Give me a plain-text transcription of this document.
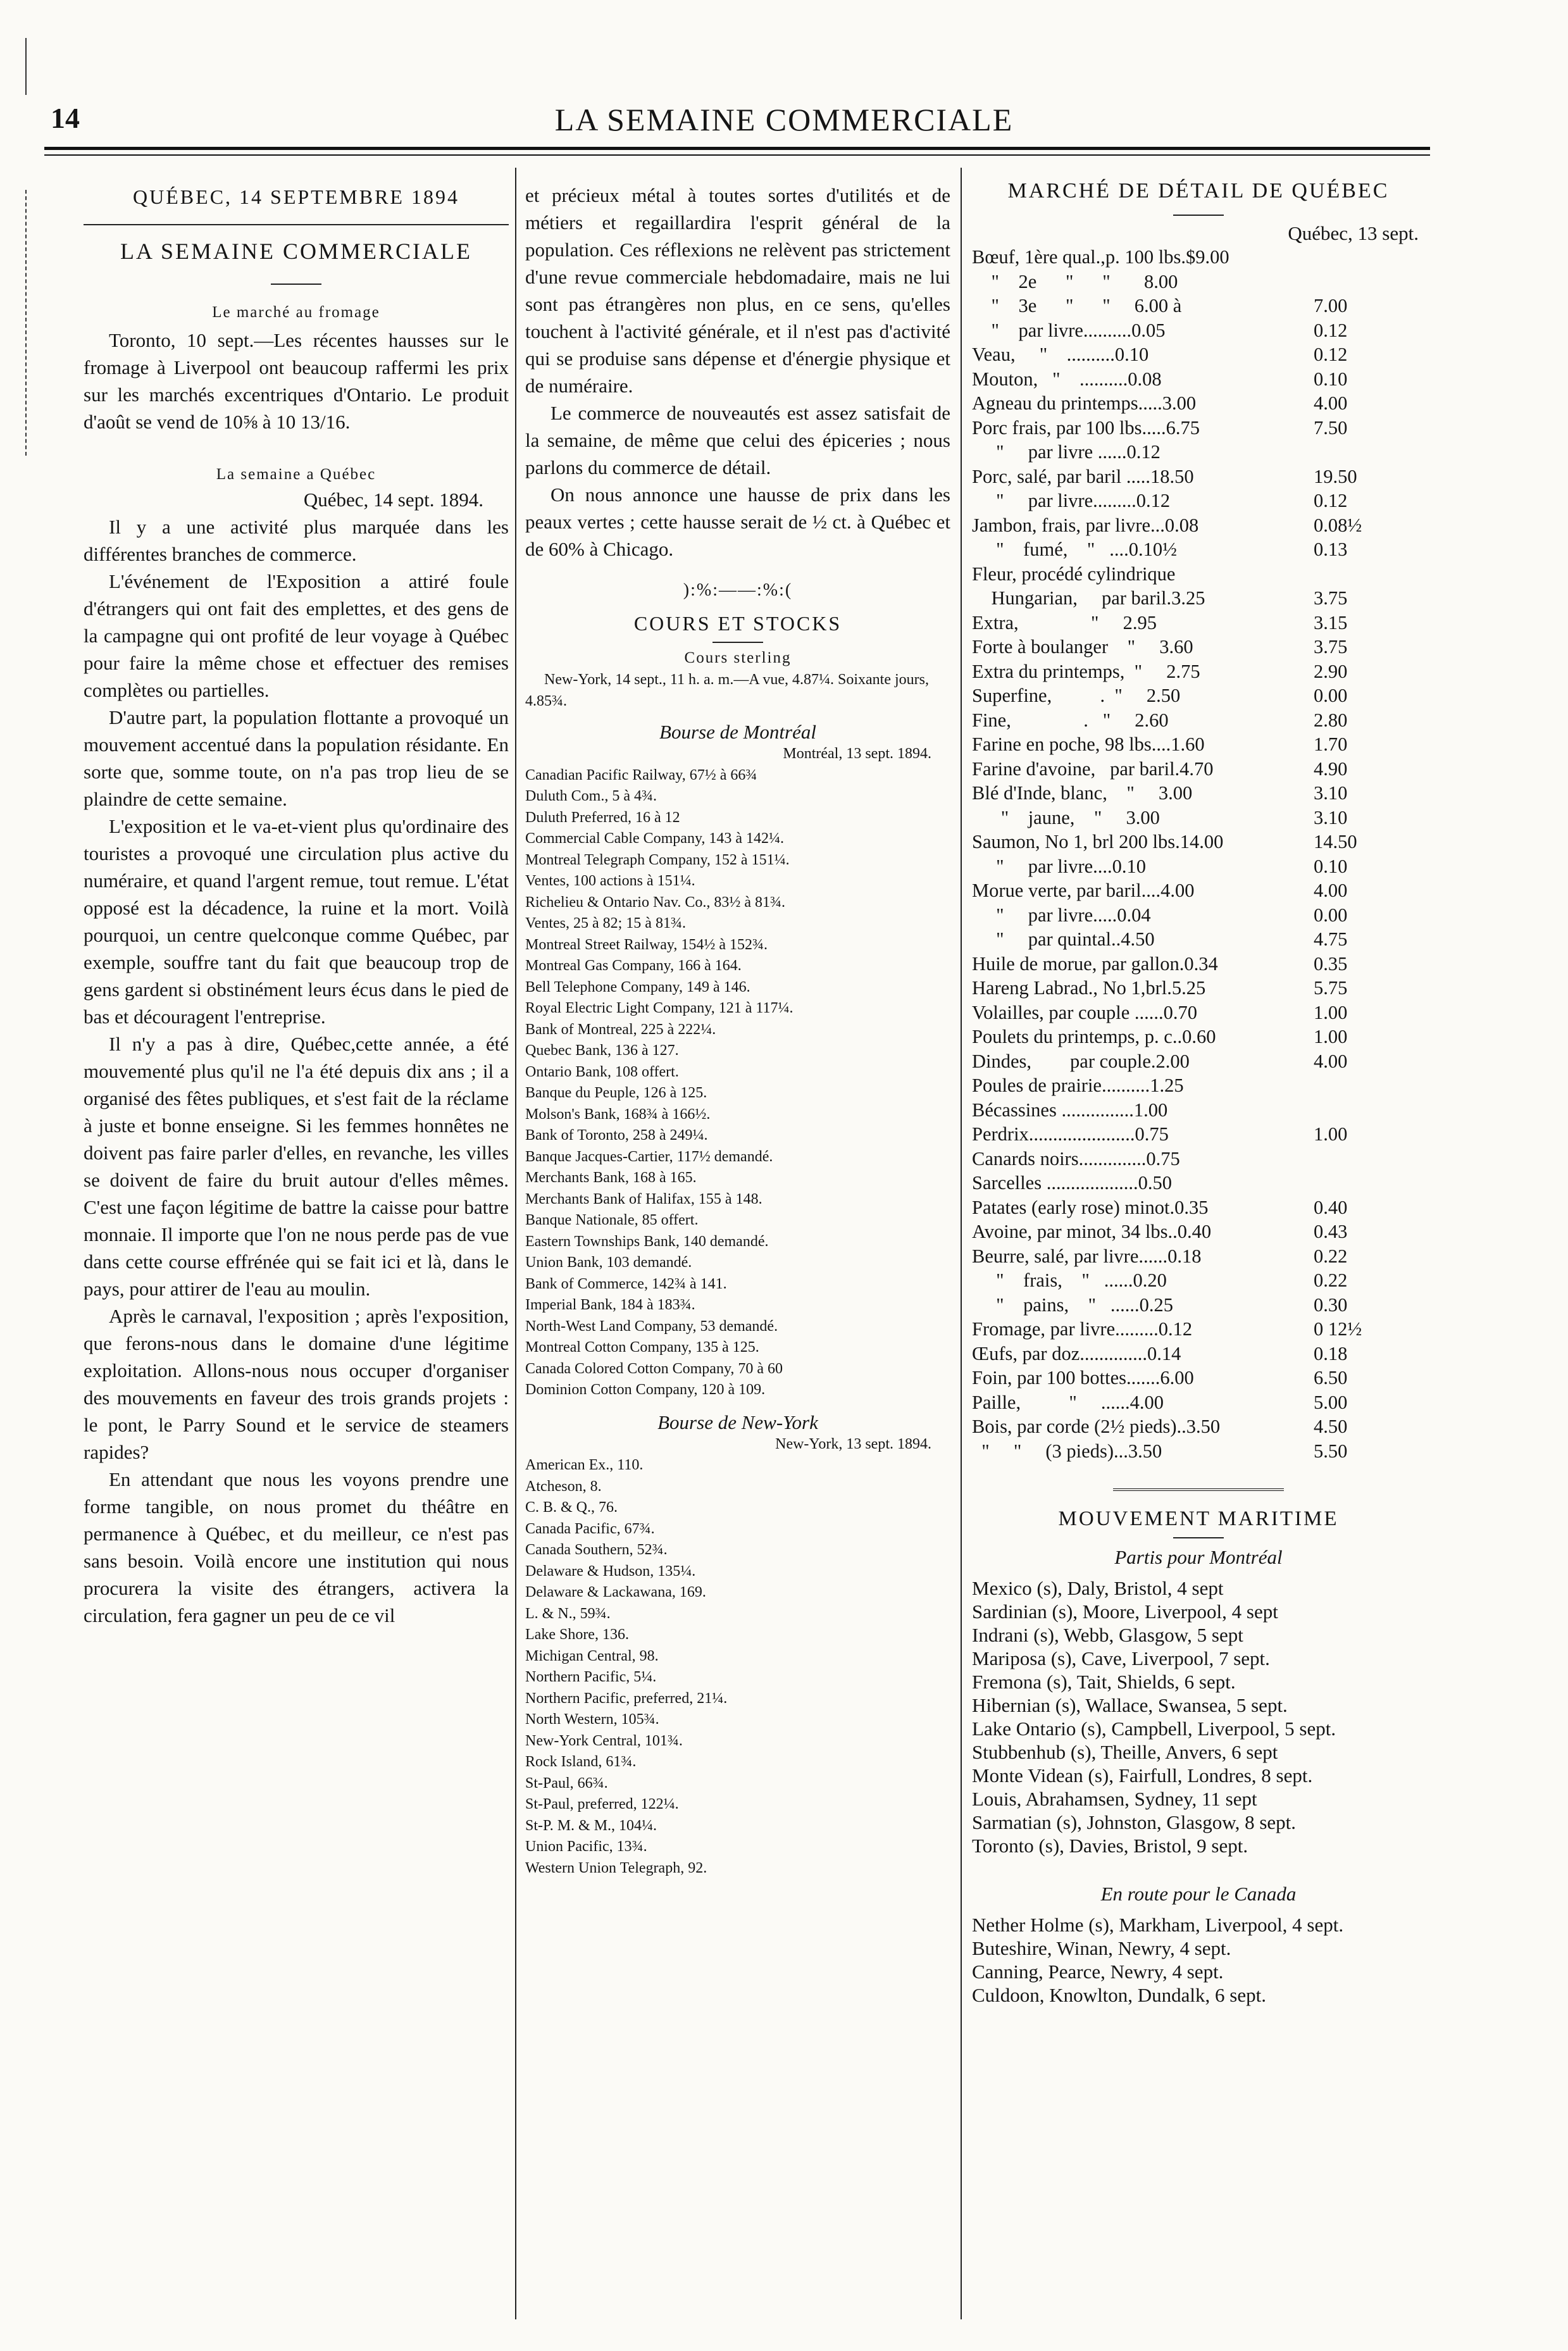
14	LA SEMAINE COMMERCIALE
QUÉBEC, 14 SEPTEMBRE 1894
LA SEMAINE COMMERCIALE
Le marché au fromage

Toronto, 10 sept.—Les récentes hausses sur le fromage à Liverpool ont beaucoup raffermi les prix sur les marchés excentriques d'Ontario. Le produit d'août se vend de 10⅝ à 10 13/16.

La semaine a Québec
Québec, 14 sept. 1894.

Il y a une activité plus marquée dans les différentes branches de commerce.

L'événement de l'Exposition a attiré foule d'étrangers qui ont fait des emplettes, et des gens de la campagne qui ont profité de leur voyage à Québec pour faire la même chose et effectuer des remises complètes ou partielles.

D'autre part, la population flottante a provoqué un mouvement accentué dans la population résidante. En sorte que, somme toute, on n'a pas trop lieu de se plaindre de cette semaine.

L'exposition et le va-et-vient plus qu'ordinaire des touristes a provoqué une circulation plus active du numéraire, et quand l'argent remue, tout remue. L'état opposé est la décadence, la ruine et la mort. Voilà pourquoi, un centre quelconque comme Québec, par exemple, souffre tant du fait que beaucoup trop de gens gardent si obstinément leurs écus dans le pied de bas et découragent l'entreprise.

Il n'y a pas à dire, Québec,cette année, a été mouvementé plus qu'il ne l'a été depuis dix ans ; il a organisé des fêtes publiques, et s'est fait de la réclame à juste et bonne enseigne. Si les femmes honnêtes ne doivent pas faire parler d'elles, en revanche, les villes se doivent de faire du bruit autour d'elles mêmes. C'est une façon légitime de battre la caisse pour battre monnaie. Il importe que l'on ne nous perde pas de vue dans cette course effrénée qui se fait ici et là, dans le pays, pour attirer de l'eau au moulin.

Après le carnaval, l'exposition ; après l'exposition, que ferons-nous dans le domaine d'une légitime exploitation. Allons-nous nous occuper d'organiser des mouvements en faveur des trois grands projets : le pont, le Parry Sound et le service de steamers rapides?

En attendant que nous les voyons prendre une forme tangible, on nous promet du théâtre en permanence à Québec, et du meilleur, ce n'est pas sans besoin. Voilà encore une institution qui nous procurera la visite des étrangers, activera la circulation, fera gagner un peu de ce vil

et précieux métal à toutes sortes d'utilités et de métiers et regaillardira l'esprit général de la population. Ces réflexions ne relèvent pas strictement d'une revue commerciale hebdomadaire, mais ne lui sont pas étrangères non plus, en ce sens, qu'elles touchent à l'activité générale, et il n'est pas d'activité qui se produise sans dépense et d'énergie physique et de numéraire.

Le commerce de nouveautés est assez satisfait de la semaine, de même que celui des épiceries ; nous parlons du commerce de détail.

On nous annonce une hausse de prix dans les peaux vertes ; cette hausse serait de ½ ct. à Québec et de 60% à Chicago.

):%:——:%:(
COURS ET STOCKS
Cours sterling

New-York, 14 sept., 11 h. a. m.—A vue, 4.87¼. Soixante jours, 4.85¾.

Bourse de Montréal
Montréal, 13 sept. 1894.

Canadian Pacific Railway, 67½ à 66¾

Duluth Com., 5 à 4¾.

Duluth Preferred, 16 à 12

Commercial Cable Company, 143 à 142¼.

Montreal Telegraph Company, 152 à 151¼.

Ventes, 100 actions à 151¼.

Richelieu & Ontario Nav. Co., 83½ à 81¾.

Ventes, 25 à 82; 15 à 81¾.

Montreal Street Railway, 154½ à 152¾.

Montreal Gas Company, 166 à 164.

Bell Telephone Company, 149 à 146.

Royal Electric Light Company, 121 à 117¼.

Bank of Montreal, 225 à 222¼.

Quebec Bank, 136 à 127.

Ontario Bank, 108 offert.

Banque du Peuple, 126 à 125.

Molson's Bank, 168¾ à 166½.

Bank of Toronto, 258 à 249¼.

Banque Jacques-Cartier, 117½ demandé.

Merchants Bank, 168 à 165.

Merchants Bank of Halifax, 155 à 148.

Banque Nationale, 85 offert.

Eastern Townships Bank, 140 demandé.

Union Bank, 103 demandé.

Bank of Commerce, 142¾ à 141.

Imperial Bank, 184 à 183¾.

North-West Land Company, 53 demandé.

Montreal Cotton Company, 135 à 125.

Canada Colored Cotton Company, 70 à 60

Dominion Cotton Company, 120 à 109.

Bourse de New-York
New-York, 13 sept. 1894.

American Ex., 110.

Atcheson, 8.

C. B. & Q., 76.

Canada Pacific, 67¾.

Canada Southern, 52¾.

Delaware & Hudson, 135¼.

Delaware & Lackawana, 169.

L. & N., 59¾.

Lake Shore, 136.

Michigan Central, 98.

Northern Pacific, 5¼.

Northern Pacific, preferred, 21¼.

North Western, 105¾.

New-York Central, 101¾.

Rock Island, 61¾.

St-Paul, 66¾.

St-Paul, preferred, 122¼.

St-P. M. & M., 104¼.

Union Pacific, 13¾.

Western Union Telegraph, 92.

MARCHÉ DE DÉTAIL DE QUÉBEC
Québec, 13 sept.
Bœuf, 1ère qual.,p. 100 lbs.$9.00
"    2e      "      "       8.00
"    3e      "      "     6.00 à	7.00
"    par livre..........0.05	0.12
Veau,     "    ..........0.10	0.12
Mouton,   "    ..........0.08	0.10
Agneau du printemps.....3.00	4.00
Porc frais, par 100 lbs.....6.75	7.50
"     par livre ......0.12
Porc, salé, par baril .....18.50	19.50
"     par livre.........0.12	0.12
Jambon, frais, par livre...0.08	0.08½
"    fumé,    "   ....0.10½	0.13
Fleur, procédé cylindrique
Hungarian,     par baril.3.25	3.75
Extra,               "     2.95	3.15
Forte à boulanger    "     3.60	3.75
Extra du printemps,  "     2.75	2.90
Superfine,          .  "     2.50	0.00
Fine,               .   "     2.60	2.80
Farine en poche, 98 lbs....1.60	1.70
Farine d'avoine,   par baril.4.70	4.90
Blé d'Inde, blanc,    "     3.00	3.10
"    jaune,    "     3.00	3.10
Saumon, No 1, brl 200 lbs.14.00	14.50
"     par livre....0.10	0.10
Morue verte, par baril....4.00	4.00
"     par livre.....0.04	0.00
"     par quintal..4.50	4.75
Huile de morue, par gallon.0.34	0.35
Hareng Labrad., No 1,brl.5.25	5.75
Volailles, par couple ......0.70	1.00
Poulets du printemps, p. c..0.60	1.00
Dindes,        par couple.2.00	4.00
Poules de prairie..........1.25
Bécassines ...............1.00
Perdrix......................0.75	1.00
Canards noirs..............0.75
Sarcelles ...................0.50
Patates (early rose) minot.0.35	0.40
Avoine, par minot, 34 lbs..0.40	0.43
Beurre, salé, par livre......0.18	0.22
"    frais,    "   ......0.20	0.22
"    pains,    "   ......0.25	0.30
Fromage, par livre.........0.12	0 12½
Œufs, par doz..............0.14	0.18
Foin, par 100 bottes.......6.00	6.50
Paille,          "     ......4.00	5.00
Bois, par corde (2½ pieds)..3.50	4.50
"     "     (3 pieds)...3.50	5.50
MOUVEMENT MARITIME
Partis pour Montréal

Mexico (s), Daly, Bristol, 4 sept

Sardinian (s), Moore, Liverpool, 4 sept

Indrani (s), Webb, Glasgow, 5 sept

Mariposa (s), Cave, Liverpool, 7 sept.

Fremona (s), Tait, Shields, 6 sept.

Hibernian (s), Wallace, Swansea, 5 sept.

Lake Ontario (s), Campbell, Liverpool, 5 sept.

Stubbenhub (s), Theille, Anvers, 6 sept

Monte Videan (s), Fairfull, Londres, 8 sept.

Louis, Abrahamsen, Sydney, 11 sept

Sarmatian (s), Johnston, Glasgow, 8 sept.

Toronto (s), Davies, Bristol, 9 sept.

En route pour le Canada

Nether Holme (s), Markham, Liverpool, 4 sept.

Buteshire, Winan, Newry, 4 sept.

Canning, Pearce, Newry, 4 sept.

Culdoon, Knowlton, Dundalk, 6 sept.
